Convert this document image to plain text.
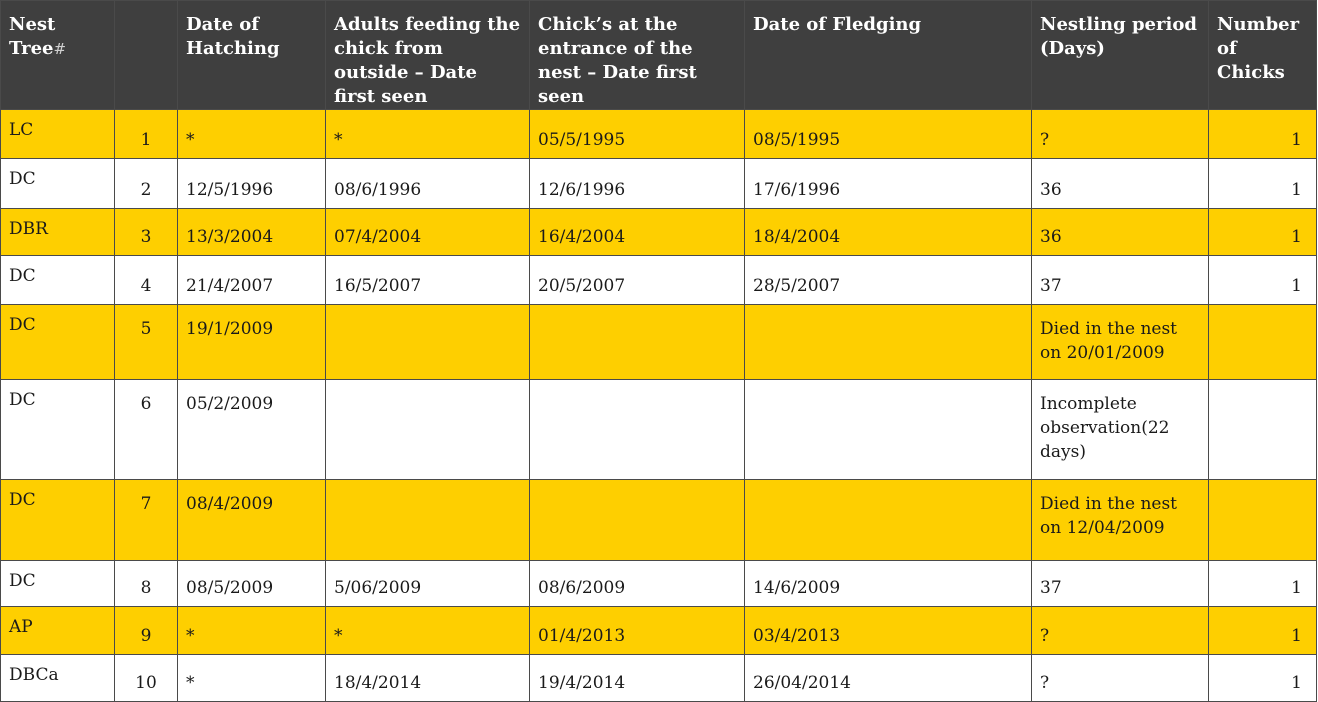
Nest
Tree#		Date of Hatching	Adults feeding the chick from outside – Date first seen	Chick’s at the entrance of the nest – Date first seen	Date of Fledging	Nestling period (Days)	Number of Chicks
LC	1	*	*	05/5/1995	08/5/1995	?	1
DC	2	12/5/1996	08/6/1996	12/6/1996	17/6/1996	36	1
DBR	3	13/3/2004	07/4/2004	16/4/2004	18/4/2004	36	1
DC	4	21/4/2007	16/5/2007	20/5/2007	28/5/2007	37	1
DC	5	19/1/2009				Died in the nest on 20/01/2009	
DC	6	05/2/2009				Incomplete observation(22 days)	
DC	7	08/4/2009				Died in the nest on 12/04/2009	
DC	8	08/5/2009	5/06/2009	08/6/2009	14/6/2009	37	1
AP	9	*	*	01/4/2013	03/4/2013	?	1
DBCa	10	*	18/4/2014	19/4/2014	26/04/2014	?	1
